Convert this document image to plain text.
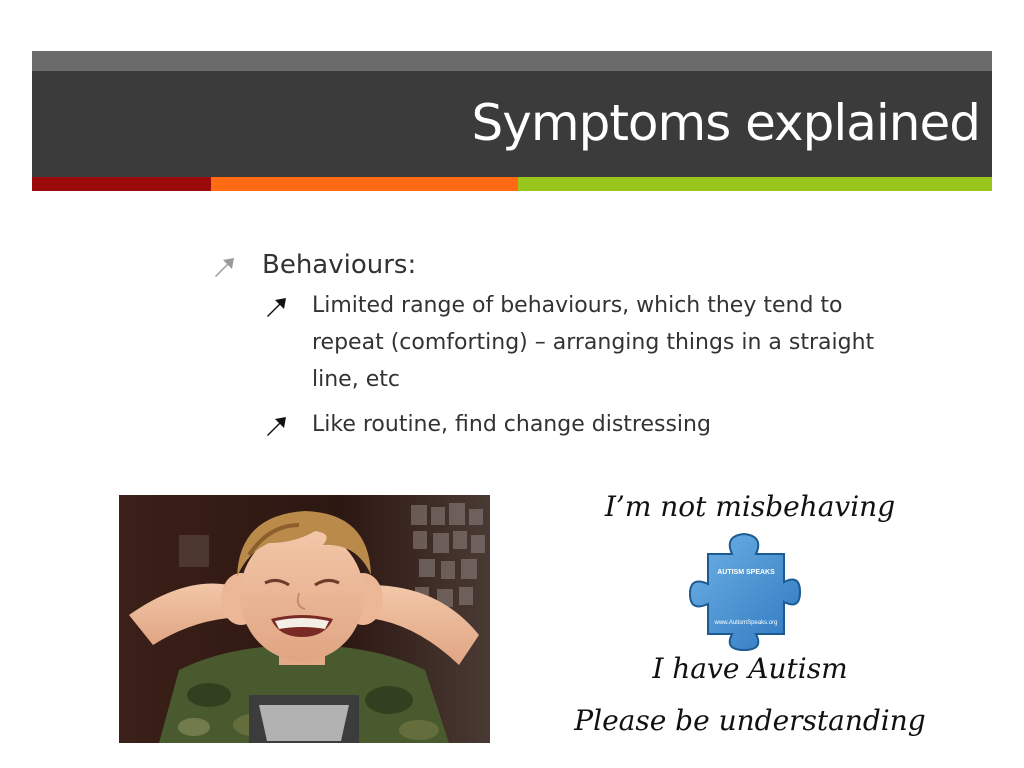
Symptoms explained
Behaviours:
Limited range of behaviours, which they tend to repeat (comforting) – arranging things in a straight line, etc
Like routine, find change distressing
I’m not misbehaving
AUTISM SPEAKS
www.AutismSpeaks.org
I have Autism
Please be understanding
